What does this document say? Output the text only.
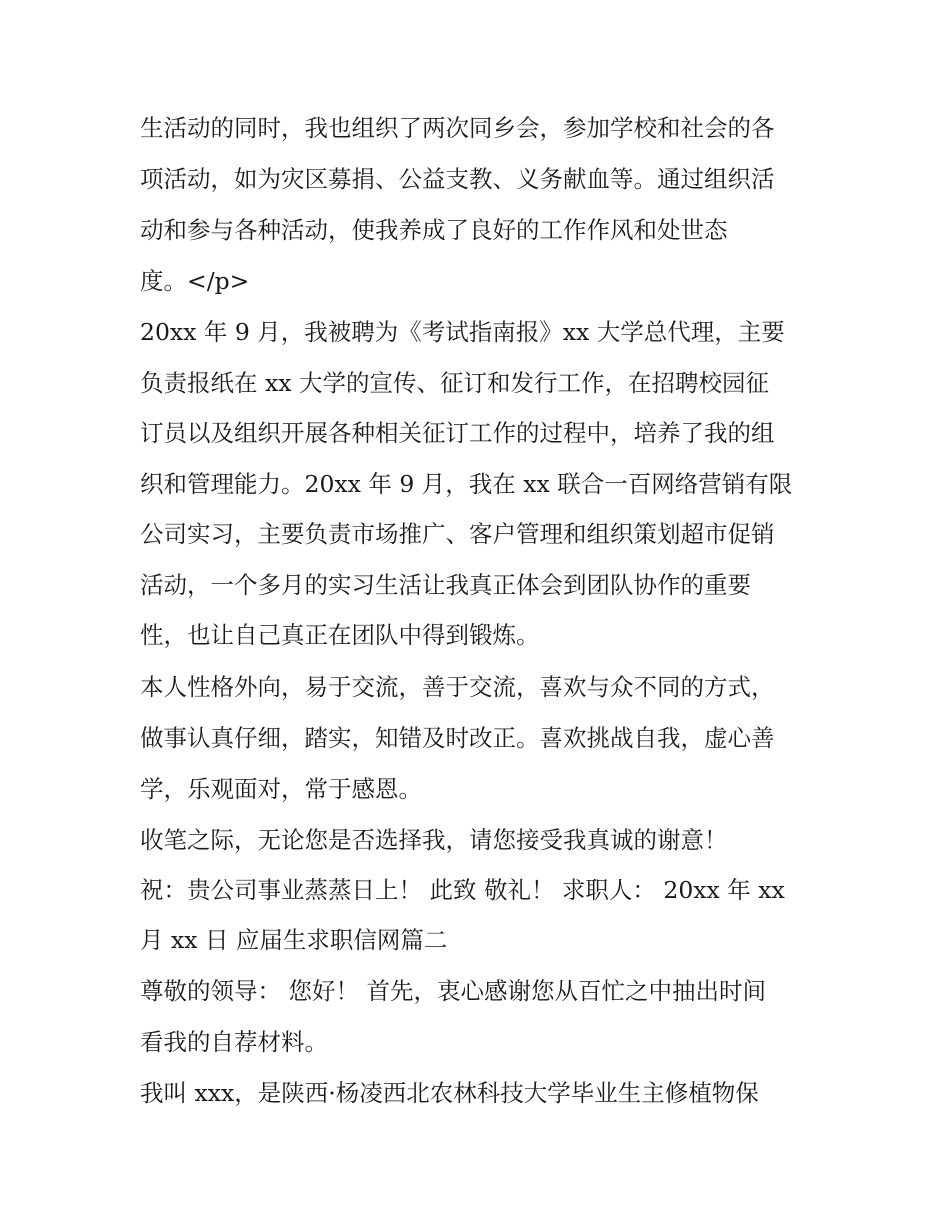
生活动的同时，我也组织了两次同乡会，参加学校和社会的各
项活动，如为灾区募捐、公益支教、义务献血等。通过组织活
动和参与各种活动，使我养成了良好的工作作风和处世态
度。</p>
20xx 年 9 月，我被聘为《考试指南报》xx 大学总代理，主要
负责报纸在 xx 大学的宣传、征订和发行工作，在招聘校园征
订员以及组织开展各种相关征订工作的过程中，培养了我的组
织和管理能力。20xx 年 9 月，我在 xx 联合一百网络营销有限
公司实习，主要负责市场推广、客户管理和组织策划超市促销
活动，一个多月的实习生活让我真正体会到团队协作的重要
性，也让自己真正在团队中得到锻炼。
本人性格外向，易于交流，善于交流，喜欢与众不同的方式，
做事认真仔细，踏实，知错及时改正。喜欢挑战自我，虚心善
学，乐观面对，常于感恩。
收笔之际，无论您是否选择我，请您接受我真诚的谢意！
祝：贵公司事业蒸蒸日上！ 此致 敬礼！ 求职人： 20xx 年 xx
月 xx 日 应届生求职信网篇二
尊敬的领导： 您好！ 首先，衷心感谢您从百忙之中抽出时间
看我的自荐材料。
我叫 xxx，是陕西·杨凌西北农林科技大学毕业生主修植物保
